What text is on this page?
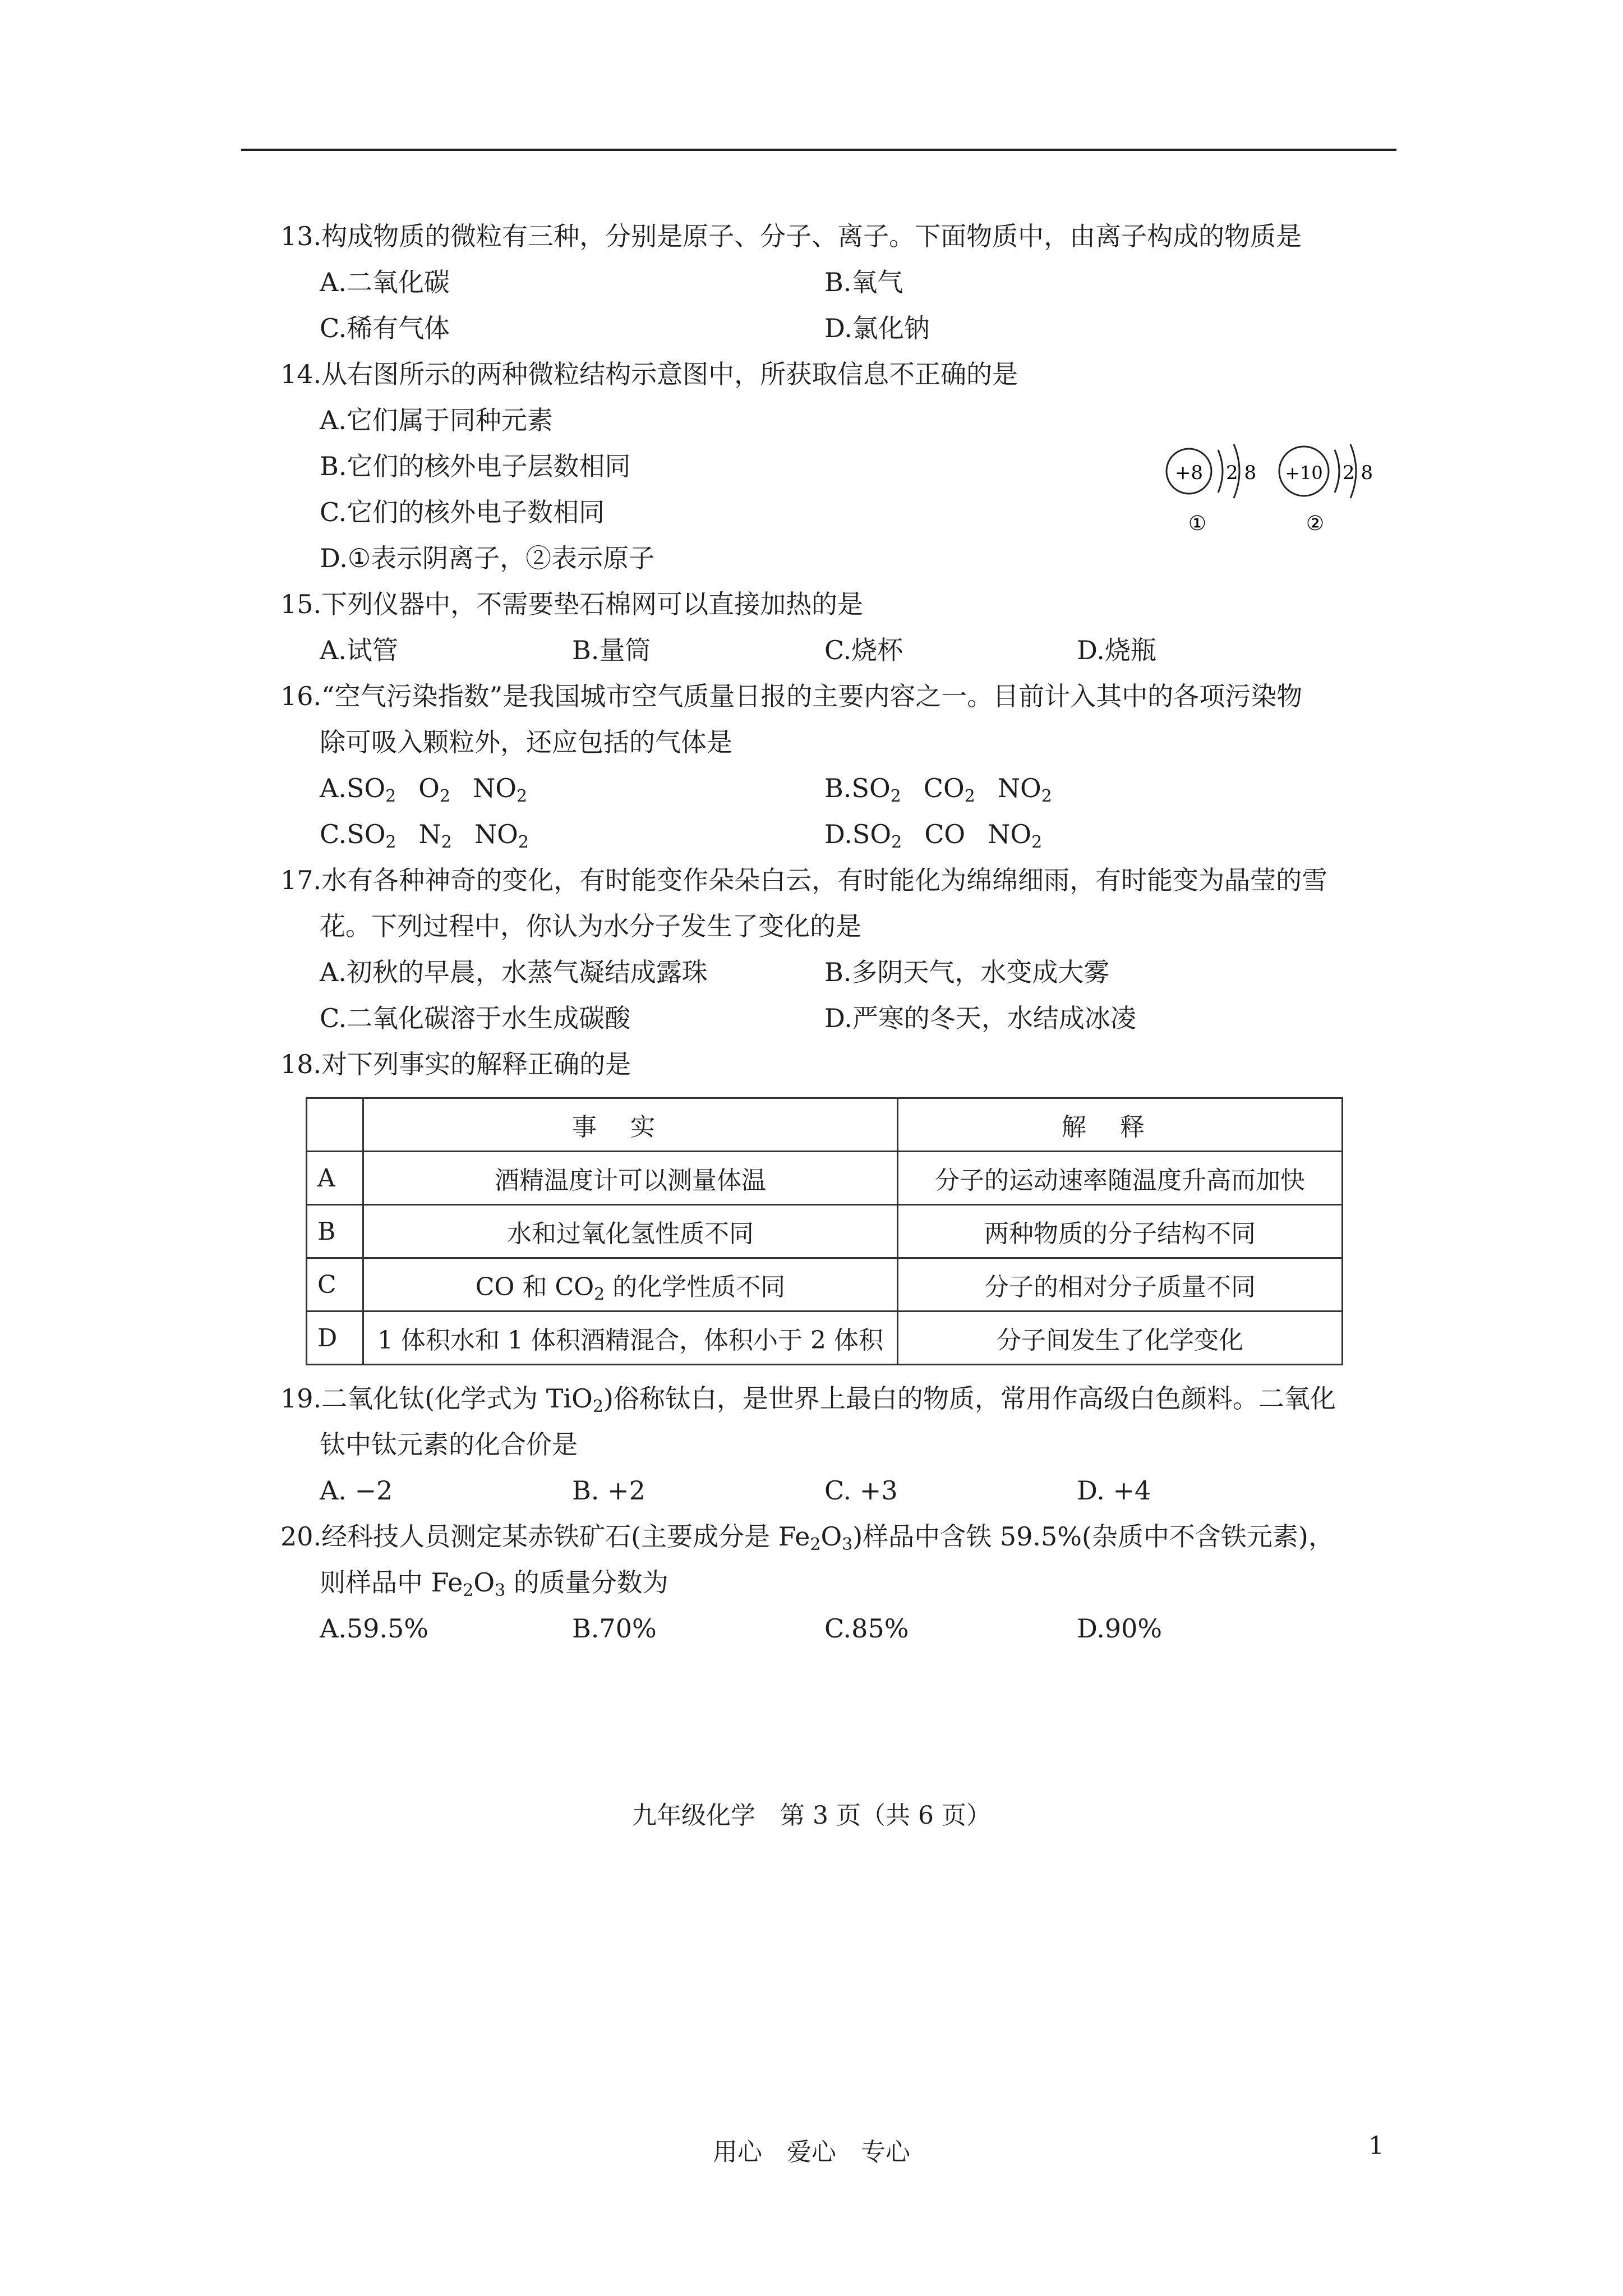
+8 2 8
①
+10 2 8
②
13.构成物质的微粒有三种，分别是原子、分子、离子。下面物质中，由离子构成的物质是
A.二氧化碳	B.氧气
C.稀有气体	D.氯化钠
14.从右图所示的两种微粒结构示意图中，所获取信息不正确的是
A.它们属于同种元素
B.它们的核外电子层数相同
C.它们的核外电子数相同
D.①表示阴离子，②表示原子
15.下列仪器中，不需要垫石棉网可以直接加热的是
A.试管	B.量筒	C.烧杯	D.烧瓶
16.“空气污染指数”是我国城市空气质量日报的主要内容之一。目前计入其中的各项污染物
除可吸入颗粒外，还应包括的气体是
$A.SO_2$ $O_2$ $NO_2$	$B.SO_2$ $CO_2$ $NO_2$
$C.SO_2$ $N_2$ $NO_2$	$D.SO_2$ CO $NO_2$
17.水有各种神奇的变化，有时能变作朵朵白云，有时能化为绵绵细雨，有时能变为晶莹的雪
花。下列过程中，你认为水分子发生了变化的是
A.初秋的早晨，水蒸气凝结成露珠	B.多阴天气，水变成大雾
C.二氧化碳溶于水生成碳酸	D.严寒的冬天，水结成冰凌
18.对下列事实的解释正确的是
	事实	解释
A	酒精温度计可以测量体温	分子的运动速率随温度升高而加快
B	水和过氧化氢性质不同	两种物质的分子结构不同
C	CO 和 $CO_2$ 的化学性质不同	分子的相对分子质量不同
D	1 体积水和 1 体积酒精混合，体积小于 2 体积	分子间发生了化学变化
19.二氧化钛(化学式为 TiO$_2$)俗称钛白，是世界上最白的物质，常用作高级白色颜料。二氧化
钛中钛元素的化合价是
A. −2	B. +2	C. +3	D. +4
20.经科技人员测定某赤铁矿石(主要成分是 $Fe_2O_3$)样品中含铁 59.5%(杂质中不含铁元素)，
则样品中 $Fe_2O_3$ 的质量分数为
A.59.5%	B.70%	C.85%	D.90%
九年级化学　第 3 页（共 6 页）
用心　爱心　专心	1
